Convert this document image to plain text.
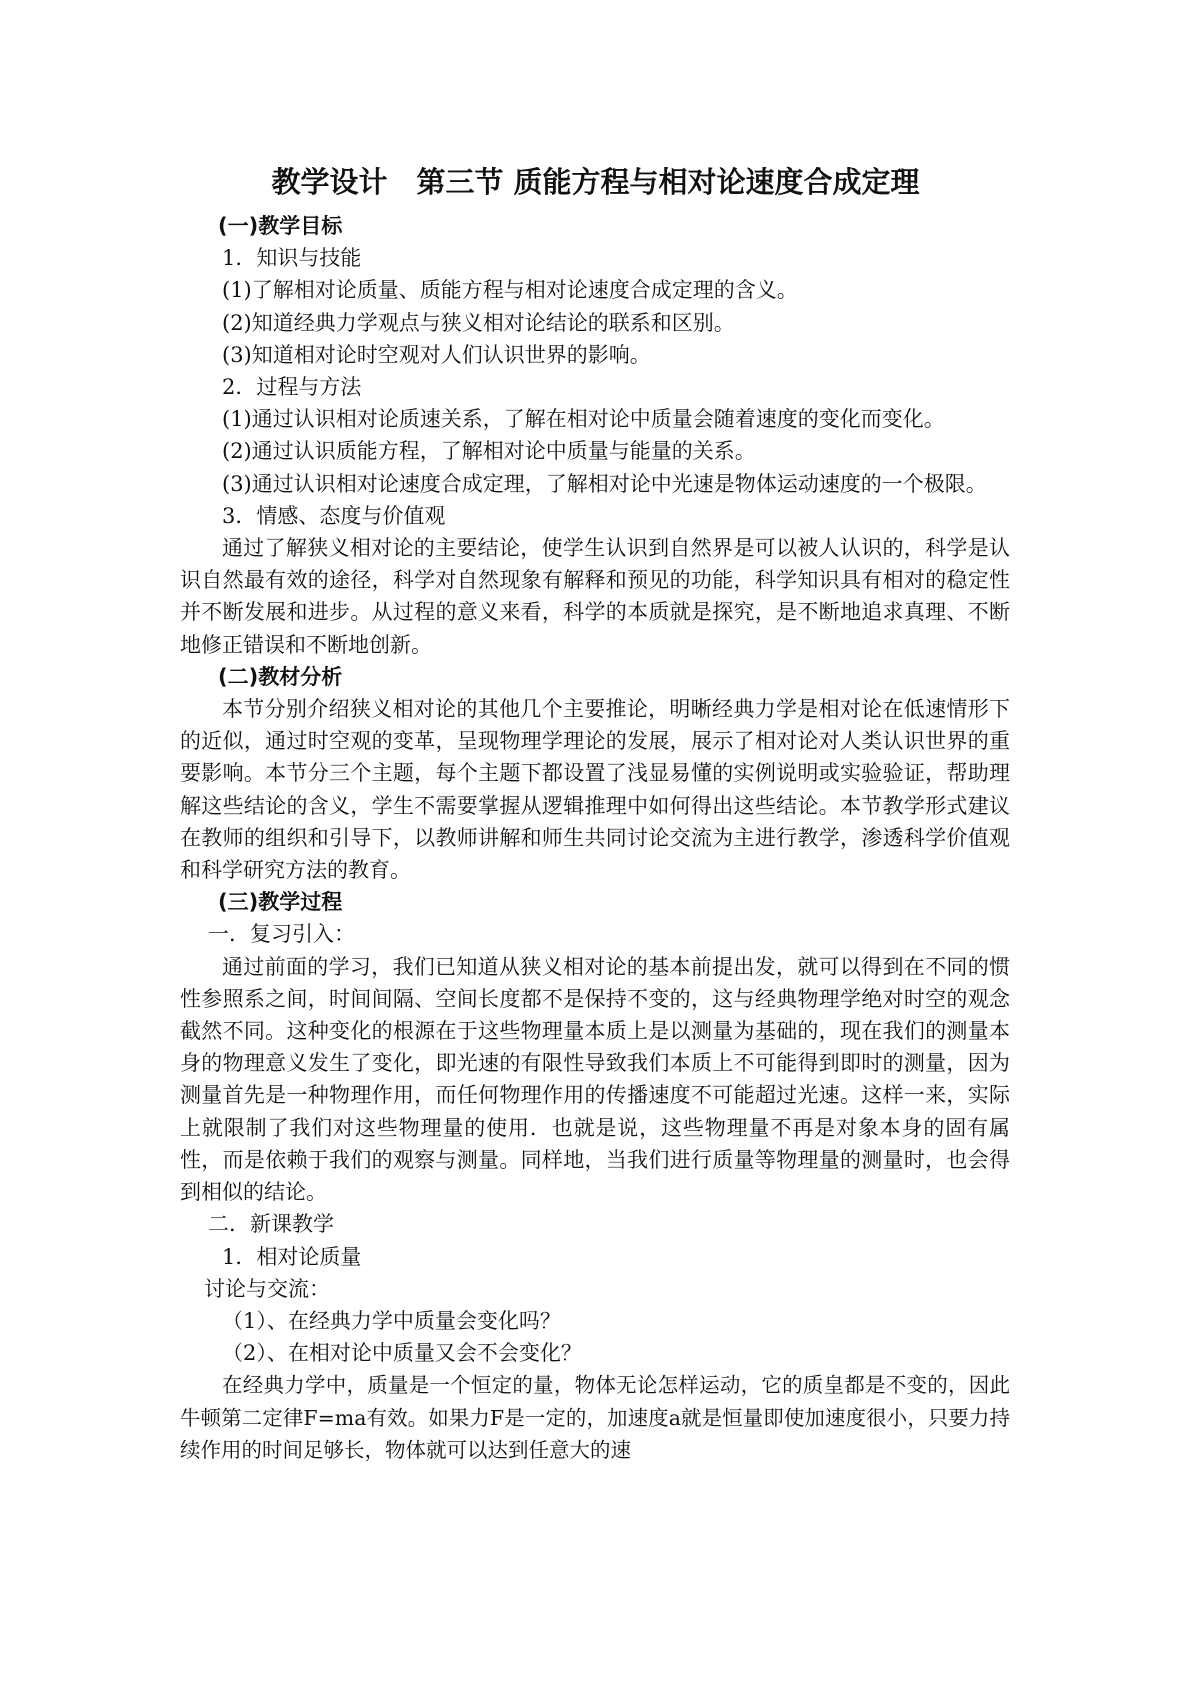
教学设计　第三节 质能方程与相对论速度合成定理

(一)教学目标

1．知识与技能

(1)了解相对论质量、质能方程与相对论速度合成定理的含义。

(2)知道经典力学观点与狭义相对论结论的联系和区别。

(3)知道相对论时空观对人们认识世界的影响。

2．过程与方法

(1)通过认识相对论质速关系，了解在相对论中质量会随着速度的变化而变化。

(2)通过认识质能方程，了解相对论中质量与能量的关系。

(3)通过认识相对论速度合成定理，了解相对论中光速是物体运动速度的一个极限。

3．情感、态度与价值观

通过了解狭义相对论的主要结论，使学生认识到自然界是可以被人认识的，科学是认识自然最有效的途径，科学对自然现象有解释和预见的功能，科学知识具有相对的稳定性并不断发展和进步。从过程的意义来看，科学的本质就是探究，是不断地追求真理、不断地修正错误和不断地创新。

(二)教材分析

本节分别介绍狭义相对论的其他几个主要推论，明晰经典力学是相对论在低速情形下的近似，通过时空观的变革，呈现物理学理论的发展，展示了相对论对人类认识世界的重要影响。本节分三个主题，每个主题下都设置了浅显易懂的实例说明或实验验证，帮助理解这些结论的含义，学生不需要掌握从逻辑推理中如何得出这些结论。本节教学形式建议在教师的组织和引导下，以教师讲解和师生共同讨论交流为主进行教学，渗透科学价值观和科学研究方法的教育。

(三)教学过程

一．复习引入：

通过前面的学习，我们已知道从狭义相对论的基本前提出发，就可以得到在不同的惯性参照系之间，时间间隔、空间长度都不是保持不变的，这与经典物理学绝对时空的观念截然不同。这种变化的根源在于这些物理量本质上是以测量为基础的，现在我们的测量本身的物理意义发生了变化，即光速的有限性导致我们本质上不可能得到即时的测量，因为测量首先是一种物理作用，而任何物理作用的传播速度不可能超过光速。这样一来，实际上就限制了我们对这些物理量的使用．也就是说，这些物理量不再是对象本身的固有属性，而是依赖于我们的观察与测量。同样地，当我们进行质量等物理量的测量时，也会得到相似的结论。

二．新课教学

1．相对论质量

讨论与交流：

（1）、在经典力学中质量会变化吗？

（2）、在相对论中质量又会不会变化？

在经典力学中，质量是一个恒定的量，物体无论怎样运动，它的质皇都是不变的，因此牛顿第二定律F=ma有效。如果力F是一定的，加速度a就是恒量即使加速度很小，只要力持续作用的时间足够长，物体就可以达到任意大的速
